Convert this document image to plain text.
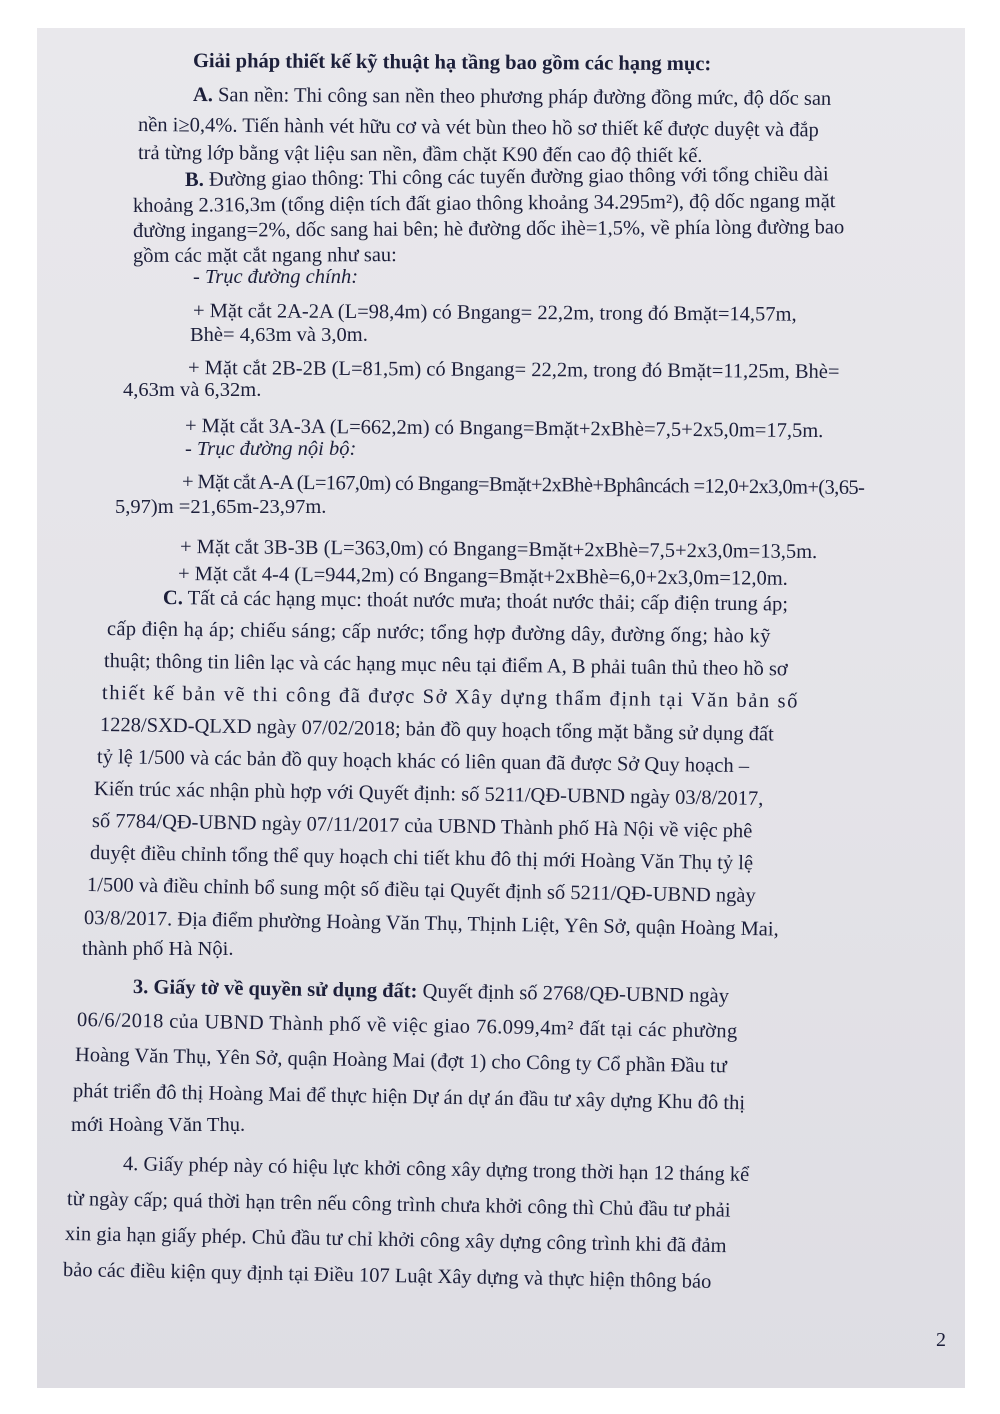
Giải pháp thiết kế kỹ thuật hạ tầng bao gồm các hạng mục:
A. San nền: Thi công san nền theo phương pháp đường đồng mức, độ dốc san
nền i≥0,4%. Tiến hành vét hữu cơ và vét bùn theo hồ sơ thiết kế được duyệt và đắp
trả từng lớp bằng vật liệu san nền, đầm chặt K90 đến cao độ thiết kế.
B. Đường giao thông: Thi công các tuyến đường giao thông với tổng chiều dài
khoảng 2.316,3m (tổng diện tích đất giao thông khoảng 34.295m²), độ dốc ngang mặt
đường ingang=2%, dốc sang hai bên; hè đường dốc ihè=1,5%, về phía lòng đường bao
gồm các mặt cắt ngang như sau:
- Trục đường chính:
+ Mặt cắt 2A-2A (L=98,4m) có Bngang= 22,2m, trong đó Bmặt=14,57m,
Bhè= 4,63m và 3,0m.
+ Mặt cắt 2B-2B (L=81,5m) có Bngang= 22,2m, trong đó Bmặt=11,25m, Bhè=
4,63m và 6,32m.
+ Mặt cắt 3A-3A (L=662,2m) có Bngang=Bmặt+2xBhè=7,5+2x5,0m=17,5m.
- Trục đường nội bộ:
+ Mặt cắt A-A (L=167,0m) có Bngang=Bmặt+2xBhè+Bphâncách =12,0+2x3,0m+(3,65-
5,97)m =21,65m-23,97m.
+ Mặt cắt 3B-3B (L=363,0m) có Bngang=Bmặt+2xBhè=7,5+2x3,0m=13,5m.
+ Mặt cắt 4-4 (L=944,2m) có Bngang=Bmặt+2xBhè=6,0+2x3,0m=12,0m.
C. Tất cả các hạng mục: thoát nước mưa; thoát nước thải; cấp điện trung áp;
cấp điện hạ áp; chiếu sáng; cấp nước; tổng hợp đường dây, đường ống; hào kỹ
thuật; thông tin liên lạc và các hạng mục nêu tại điểm A, B phải tuân thủ theo hồ sơ
thiết kế bản vẽ thi công đã được Sở Xây dựng thẩm định tại Văn bản số
1228/SXD-QLXD ngày 07/02/2018; bản đồ quy hoạch tổng mặt bằng sử dụng đất
tỷ lệ 1/500 và các bản đồ quy hoạch khác có liên quan đã được Sở Quy hoạch –
Kiến trúc xác nhận phù hợp với Quyết định: số 5211/QĐ-UBND ngày 03/8/2017,
số 7784/QĐ-UBND ngày 07/11/2017 của UBND Thành phố Hà Nội về việc phê
duyệt điều chỉnh tổng thể quy hoạch chi tiết khu đô thị mới Hoàng Văn Thụ tỷ lệ
1/500 và điều chỉnh bổ sung một số điều tại Quyết định số 5211/QĐ-UBND ngày
03/8/2017. Địa điểm phường Hoàng Văn Thụ, Thịnh Liệt, Yên Sở, quận Hoàng Mai,
thành phố Hà Nội.
3. Giấy tờ về quyền sử dụng đất: Quyết định số 2768/QĐ-UBND ngày
06/6/2018 của UBND Thành phố về việc giao 76.099,4m² đất tại các phường
Hoàng Văn Thụ, Yên Sở, quận Hoàng Mai (đợt 1) cho Công ty Cổ phần Đầu tư
phát triển đô thị Hoàng Mai để thực hiện Dự án dự án đầu tư xây dựng Khu đô thị
mới Hoàng Văn Thụ.
4. Giấy phép này có hiệu lực khởi công xây dựng trong thời hạn 12 tháng kể
từ ngày cấp; quá thời hạn trên nếu công trình chưa khởi công thì Chủ đầu tư phải
xin gia hạn giấy phép. Chủ đầu tư chỉ khởi công xây dựng công trình khi đã đảm
bảo các điều kiện quy định tại Điều 107 Luật Xây dựng và thực hiện thông báo
2
